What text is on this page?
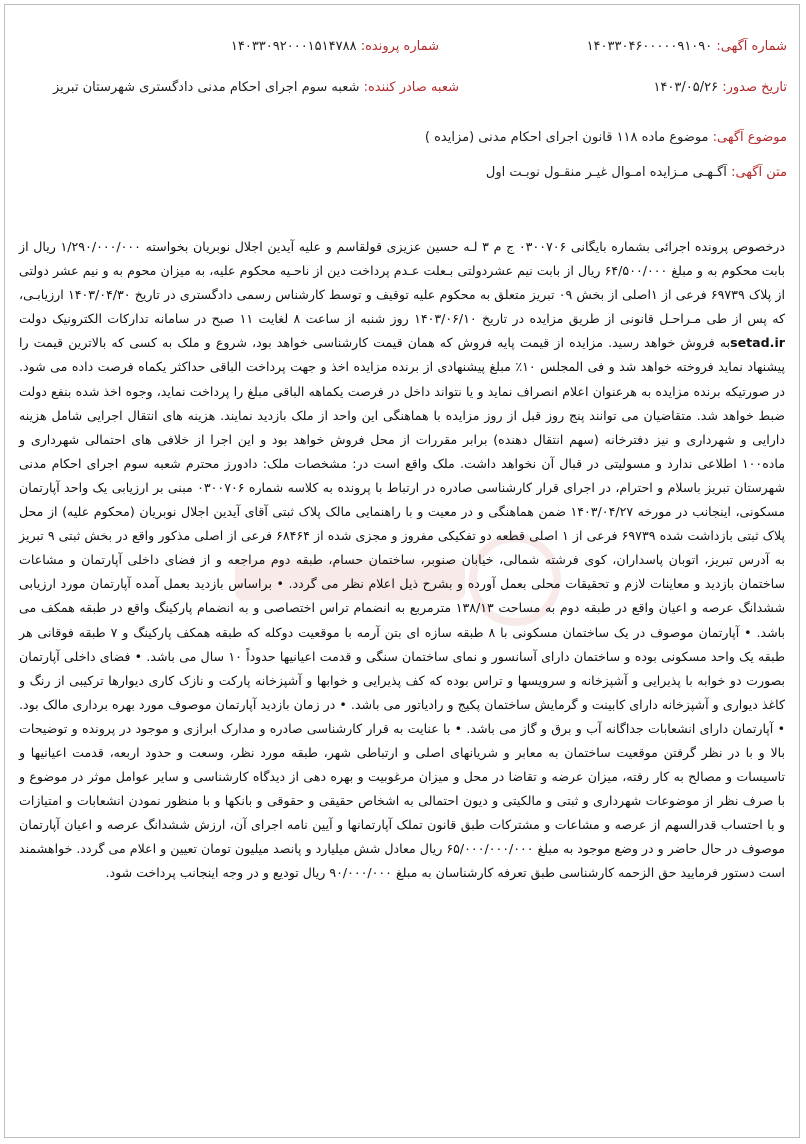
شماره آگهی: ۱۴۰۳۳۰۴۶۰۰۰۰۰۹۱۰۹۰
شماره پرونده: ۱۴۰۳۳۰۹۲۰۰۰۱۵۱۴۷۸۸
تاریخ صدور: ۱۴۰۳/۰۵/۲۶
شعبه صادر کننده: شعبه سوم اجرای احکام مدنی دادگستری شهرستان تبریز
موضوع آگهی: موضوع ماده ۱۱۸ قانون اجرای احکام مدنی (مزایده )
متن آگهی: آگـهـی مـزایده امـوال غیـر منقـول نوبـت اول

درخصوص پرونده اجرائی بشماره بایگانی ۰۳۰۰۷۰۶ ج م ۳ لـه حسین عزیزی قولقاسم و علیه آیدین اجلال نوبریان بخواسته ۱/۲۹۰/۰۰۰/۰۰۰ ریال از بابت محکوم به و مبلغ ۶۴/۵۰۰/۰۰۰ ریال از بابت نیم عشردولتی بـعلت عـدم پرداخت دین از ناحـیه محکوم علیه، به میزان محوم به و نیم عشر دولتی از پلاک ۶۹۷۳۹ فرعی از ۱اصلی از بخش ۰۹ تبریز متعلق به محکوم علیه توقیف و توسط کارشناس رسمی دادگستری در تاریخ ۱۴۰۳/۰۴/۳۰ ارزیابـی، که پس از طی مـراحـل قانونی از طریق مزایده در تاریخ ۱۴۰۳/۰۶/۱۰ روز شنبه از ساعت ۸ لغایت ۱۱ صبح در سامانه تدارکات الکترونیک دولت setad.irبه فروش خواهد رسید. مزایده از قیمت پایه فروش که همان قیمت کارشناسی خواهد بود، شروع و ملک به کسی که بالاترین قیمت را پیشنهاد نماید فروخته خواهد شد و فی المجلس ۱۰٪ مبلغ پیشنهادی از برنده مزایده اخذ و جهت پرداخت الباقی حداکثر یکماه فرصت داده می شود. در صورتیکه برنده مزایده به هرعنوان اعلام انصراف نماید و یا نتواند داخل در فرصت یکماهه الباقی مبلغ را پرداخت نماید، وجوه اخذ شده بنفع دولت ضبط خواهد شد. متقاضیان می توانند پنج روز قبل از روز مزایده با هماهنگی این واحد از ملک بازدید نمایند. هزینه های انتقال اجرایی شامل هزینه دارایی و شهرداری و نیز دفترخانه (سهم انتقال دهنده) برابر مقررات از محل فروش خواهد بود و این اجرا از خلافی های احتمالی شهرداری و ماده۱۰۰ اطلاعی ندارد و مسولیتی در قبال آن نخواهد داشت. ملک واقع است در: مشخصات ملک: دادورز محترم شعبه سوم اجرای احکام مدنی شهرستان تبریز باسلام و احترام، در اجرای قرار کارشناسی صادره در ارتباط با پرونده به کلاسه شماره ۰۳۰۰۷۰۶ مبنی بر ارزیابی یک واحد آپارتمان مسکونی، اینجانب در مورخه ۱۴۰۳/۰۴/۲۷ ضمن هماهنگی و در معیت و با راهنمایی مالک پلاک ثبتی آقای آیدین اجلال نوبریان (محکوم علیه) از محل پلاک ثبتی بازداشت شده ۶۹۷۳۹ فرعی از ۱ اصلی قطعه دو تفکیکی مفروز و مجزی شده از ۶۸۴۶۴ فرعی از اصلی مذکور واقع در بخش ثبتی ۹ تبریز به آدرس تبریز، اتوبان پاسداران، کوی فرشته شمالی، خیابان صنوبر، ساختمان حسام، طبقه دوم مراجعه و از فضای داخلی آپارتمان و مشاعات ساختمان بازدید و معاینات لازم و تحقیقات محلی بعمل آورده و بشرح ذیل اعلام نظر می گردد. • براساس بازدید بعمل آمده آپارتمان مورد ارزیابی ششدانگ عرصه و اعیان واقع در طبقه دوم به مساحت ۱۳۸/۱۳ مترمربع به انضمام تراس اختصاصی و به انضمام پارکینگ واقع در طبقه همکف می باشد. • آپارتمان موصوف در یک ساختمان مسکونی با ۸ طبقه سازه ای بتن آرمه با موقعیت دوکله که طبقه همکف پارکینگ و ۷ طبقه فوقانی هر طبقه یک واحد مسکونی بوده و ساختمان دارای آسانسور و نمای ساختمان سنگی و قدمت اعیانیها حدوداً ۱۰ سال می باشد. • فضای داخلی آپارتمان بصورت دو خوابه با پذیرایی و آشپزخانه و سرویسها و تراس بوده که کف پذیرایی و خوابها و آشپزخانه پارکت و نازک کاری دیوارها ترکیبی از رنگ و کاغذ دیواری و آشپزخانه دارای کابینت و گرمایش ساختمان پکیج و رادیاتور می باشد. • در زمان بازدید آپارتمان موصوف مورد بهره برداری مالک بود. • آپارتمان دارای انشعابات جداگانه آب و برق و گاز می باشد. • با عنایت به قرار کارشناسی صادره و مدارک ابرازی و موجود در پرونده و توضیحات بالا و با در نظر گرفتن موقعیت ساختمان به معابر و شریانهای اصلی و ارتباطی شهر، طبقه مورد نظر، وسعت و حدود اربعه، قدمت اعیانیها و تاسیسات و مصالح به کار رفته، میزان عرضه و تقاضا در محل و میزان مرغوبیت و بهره دهی از دیدگاه کارشناسی و سایر عوامل موثر در موضوع و با صرف نظر از موضوعات شهرداری و ثبتی و مالکیتی و دیون احتمالی به اشخاص حقیقی و حقوقی و بانکها و با منظور نمودن انشعابات و امتیازات و با احتساب قدرالسهم از عرصه و مشاعات و مشترکات طبق قانون تملک آپارتمانها و آیین نامه اجرای آن، ارزش ششدانگ عرصه و اعیان آپارتمان موصوف در حال حاضر و در وضع موجود به مبلغ ۶۵/۰۰۰/۰۰۰/۰۰۰ ریال معادل شش میلیارد و پانصد میلیون تومان تعیین و اعلام می گردد. خواهشمند است دستور فرمایید حق الزحمه کارشناسی طبق تعرفه کارشناسان به مبلغ ۹۰/۰۰۰/۰۰۰ ریال تودیع و در وجه اینجانب پرداخت شود.
